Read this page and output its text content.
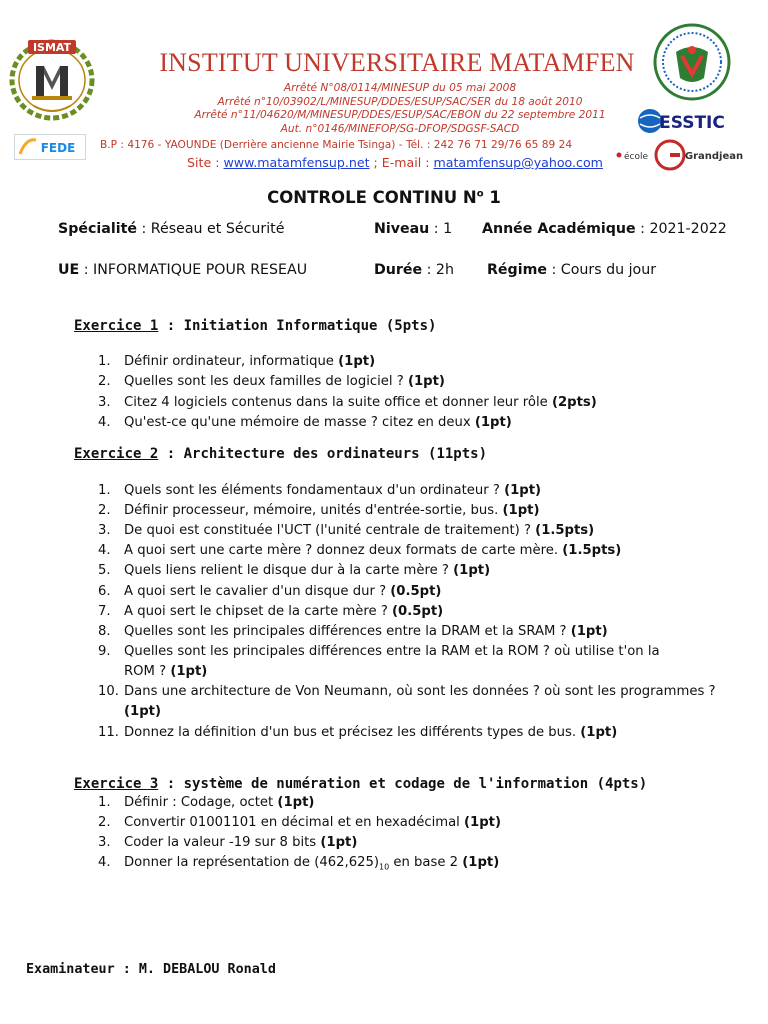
ISMAT
FEDE
ESSTIC
école	Grandjean
INSTITUT UNIVERSITAIRE MATAMFEN
Arrêté N°08/0114/MINESUP du 05 mai 2008
Arrêté n°10/03902/L/MINESUP/DDES/ESUP/SAC/SER du 18 août 2010
Arrêté n°11/04620/M/MINESUP/DDES/ESUP/SAC/EBON du 22 septembre 2011
Aut. n°0146/MINEFOP/SG-DFOP/SDGSF-SACD
B.P : 4176 - YAOUNDE (Derrière ancienne Mairie Tsinga) - Tél. : 242 76 71 29/76 65 89 24
Site : www.matamfensup.net ; E-mail : matamfensup@yahoo.com
CONTROLE CONTINU $N^o$ 1
Spécialité : Réseau et Sécurité	Niveau : 1 Année Académique : 2021-2022
UE : INFORMATIQUE POUR RESEAU	Durée : 2h Régime : Cours du jour
Exercice 1 : Initiation Informatique (5pts)
1. Définir ordinateur, informatique (1pt)
2. Quelles sont les deux familles de logiciel ? (1pt)
3. Citez 4 logiciels contenus dans la suite office et donner leur rôle (2pts)
4. Qu'est-ce qu'une mémoire de masse ? citez en deux (1pt)
Exercice 2 : Architecture des ordinateurs (11pts)
1. Quels sont les éléments fondamentaux d'un ordinateur ? (1pt)
2. Définir processeur, mémoire, unités d'entrée-sortie, bus. (1pt)
3. De quoi est constituée l'UCT (l'unité centrale de traitement) ? (1.5pts)
4. A quoi sert une carte mère ? donnez deux formats de carte mère. (1.5pts)
5. Quels liens relient le disque dur à la carte mère ? (1pt)
6. A quoi sert le cavalier d'un disque dur ? (0.5pt)
7. A quoi sert le chipset de la carte mère ? (0.5pt)
8. Quelles sont les principales différences entre la DRAM et la SRAM ? (1pt)
9. Quelles sont les principales différences entre la RAM et la ROM ? où utilise t'on la
ROM ? (1pt)
10. Dans une architecture de Von Neumann, où sont les données ? où sont les programmes ?
(1pt)
11. Donnez la définition d'un bus et précisez les différents types de bus. (1pt)
Exercice 3 : système de numération et codage de l'information (4pts)
1. Définir : Codage, octet (1pt)
2. Convertir 01001101 en décimal et en hexadécimal (1pt)
3. Coder la valeur -19 sur 8 bits (1pt)
4. Donner la représentation de $(462,625)_{10}$ en base 2 (1pt)
Examinateur : M. DEBALOU Ronald
